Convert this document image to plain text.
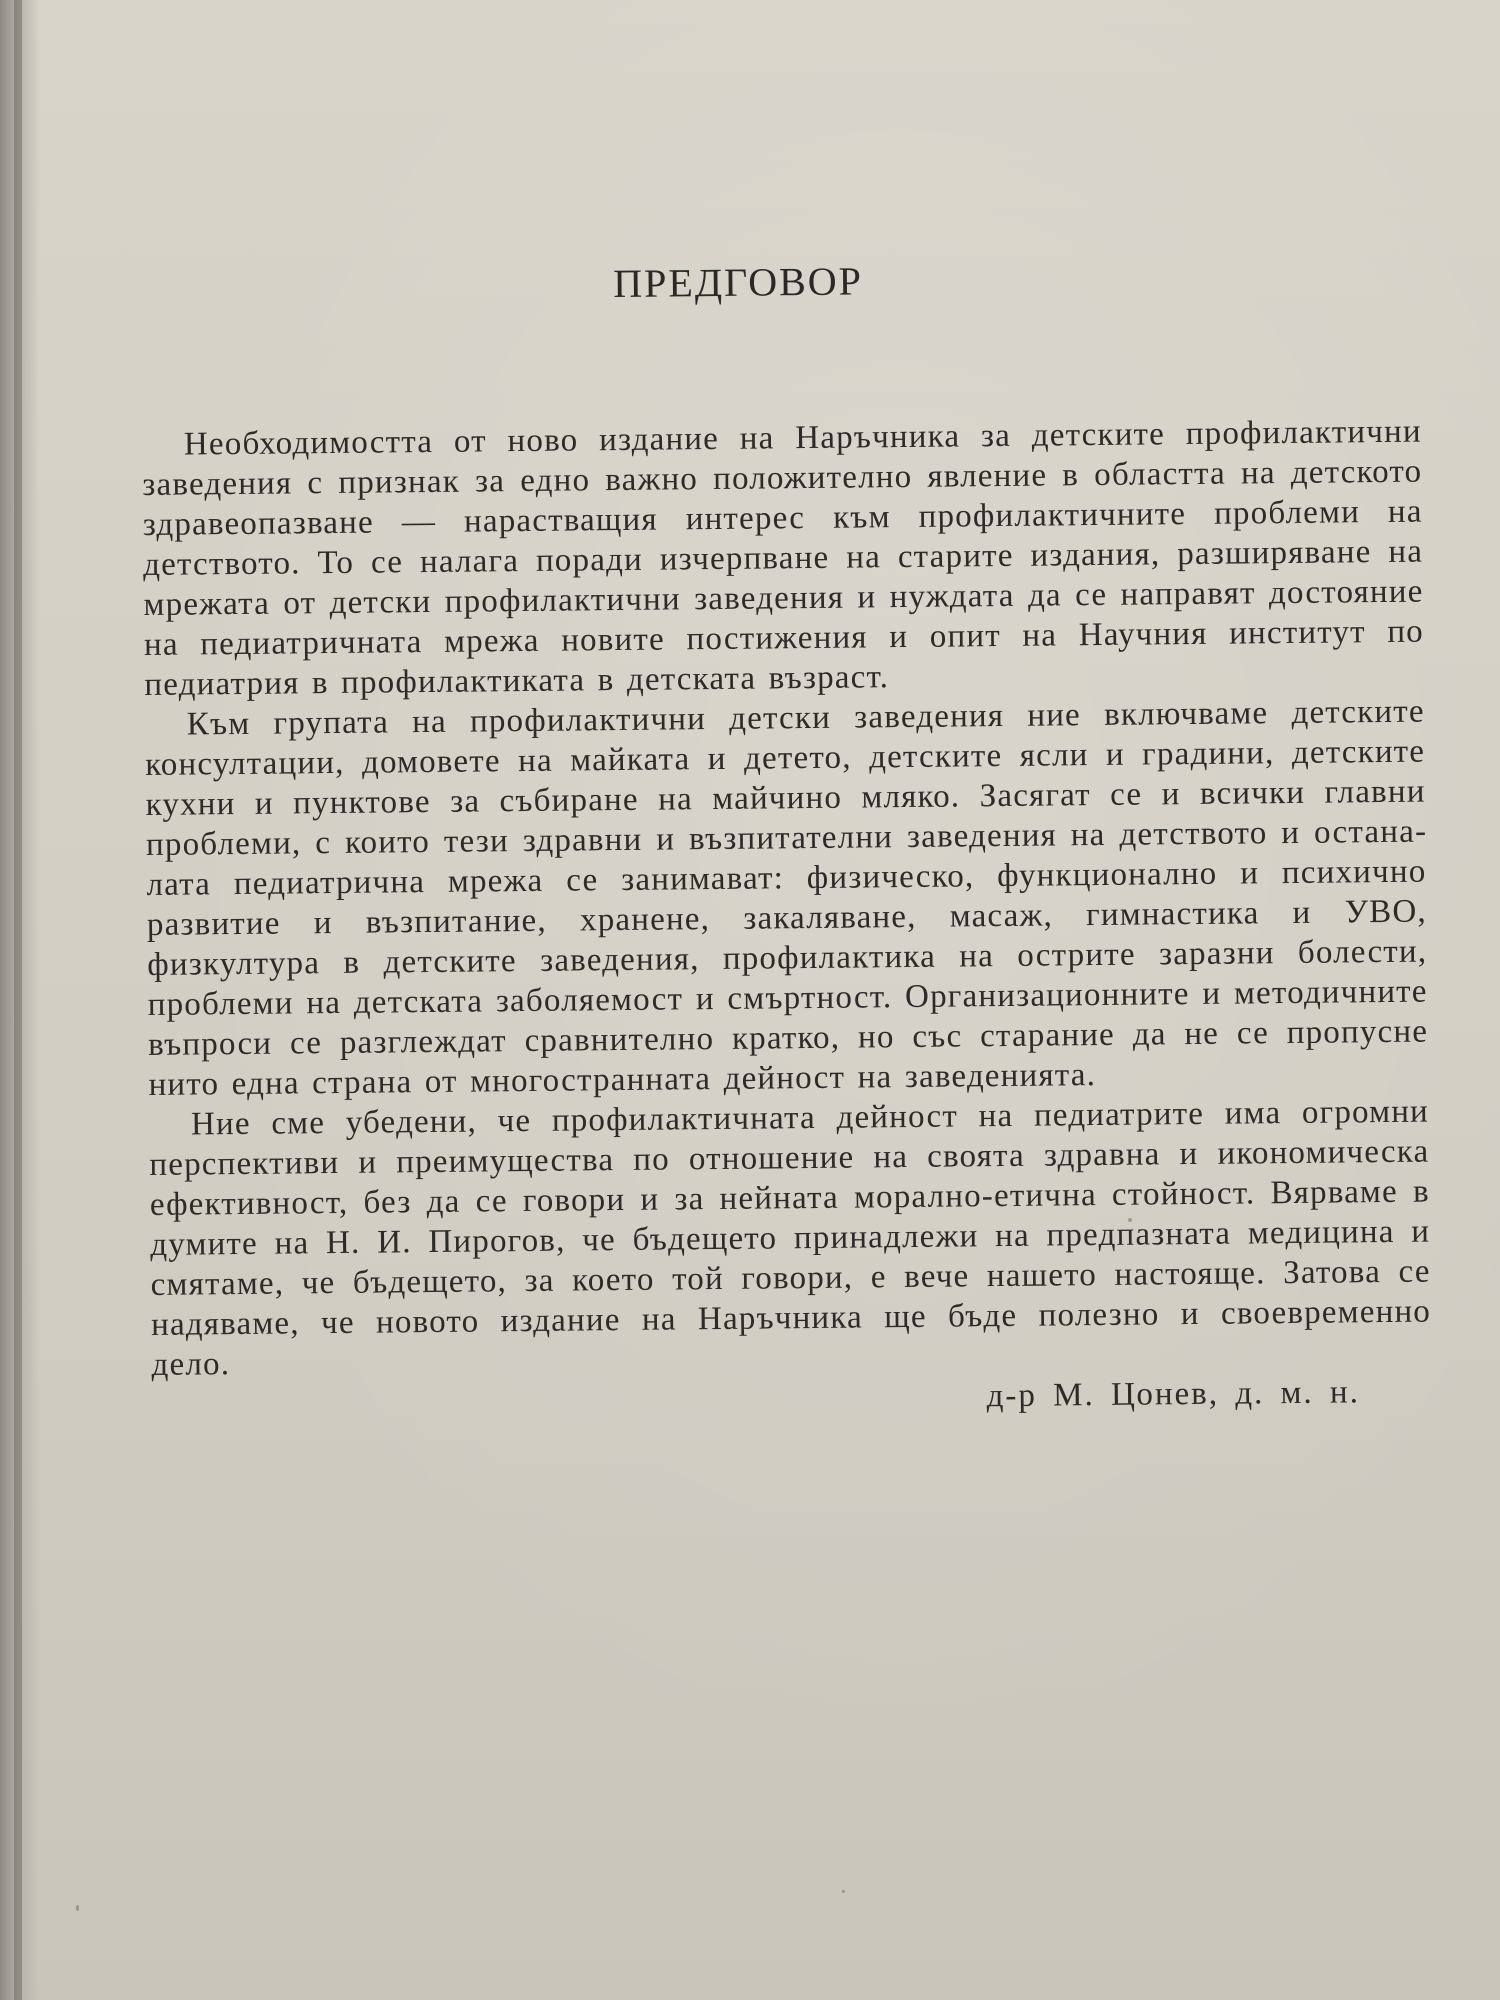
ПРЕДГОВОР

Необходимостта от ново издание на Наръчника за детските профилактични заведения с признак за едно важно положително явление в областта на детското здравеопазване — нарастващия интерес към профилактичните проблеми на детството. То се налага поради изчерпване на старите издания, разширяване на мрежата от детски профилактични заведения и нуждата да се направят достояние на педиатричната мрежа новите постижения и опит на Научния институт по педиатрия в профилактиката в детската възраст.

Към групата на профилактични детски заведения ние включваме детските консултации, домовете на майката и детето, детските ясли и градини, детските кухни и пунктове за събиране на майчино мляко. Засягат се и всички главни проблеми, с които тези здравни и възпитателни заведения на детството и останалата педиатрична мрежа се занимават: физическо, функционално и психично развитие и възпитание, хранене, закаляване, масаж, гимнастика и УВО, физкултура в детските заведения, профилактика на острите заразни болести, проблеми на детската заболяемост и смъртност. Организационните и методичните въпроси се разглеждат сравнително кратко, но със старание да не се пропусне нито една страна от многостранната дейност на заведенията.

Ние сме убедени, че профилактичната дейност на педиатрите има огромни перспективи и преимущества по отношение на своята здравна и икономическа ефективност, без да се говори и за нейната морално-етична стойност. Вярваме в думите на Н. И. Пирогов, че бъдещето принадлежи на предпазната медицина и смятаме, че бъдещето, за което той говори, е вече нашето настояще. Затова се надяваме, че новото издание на Наръчника ще бъде полезно и своевременно дело.

д-р М. Цонев, д. м. н.
